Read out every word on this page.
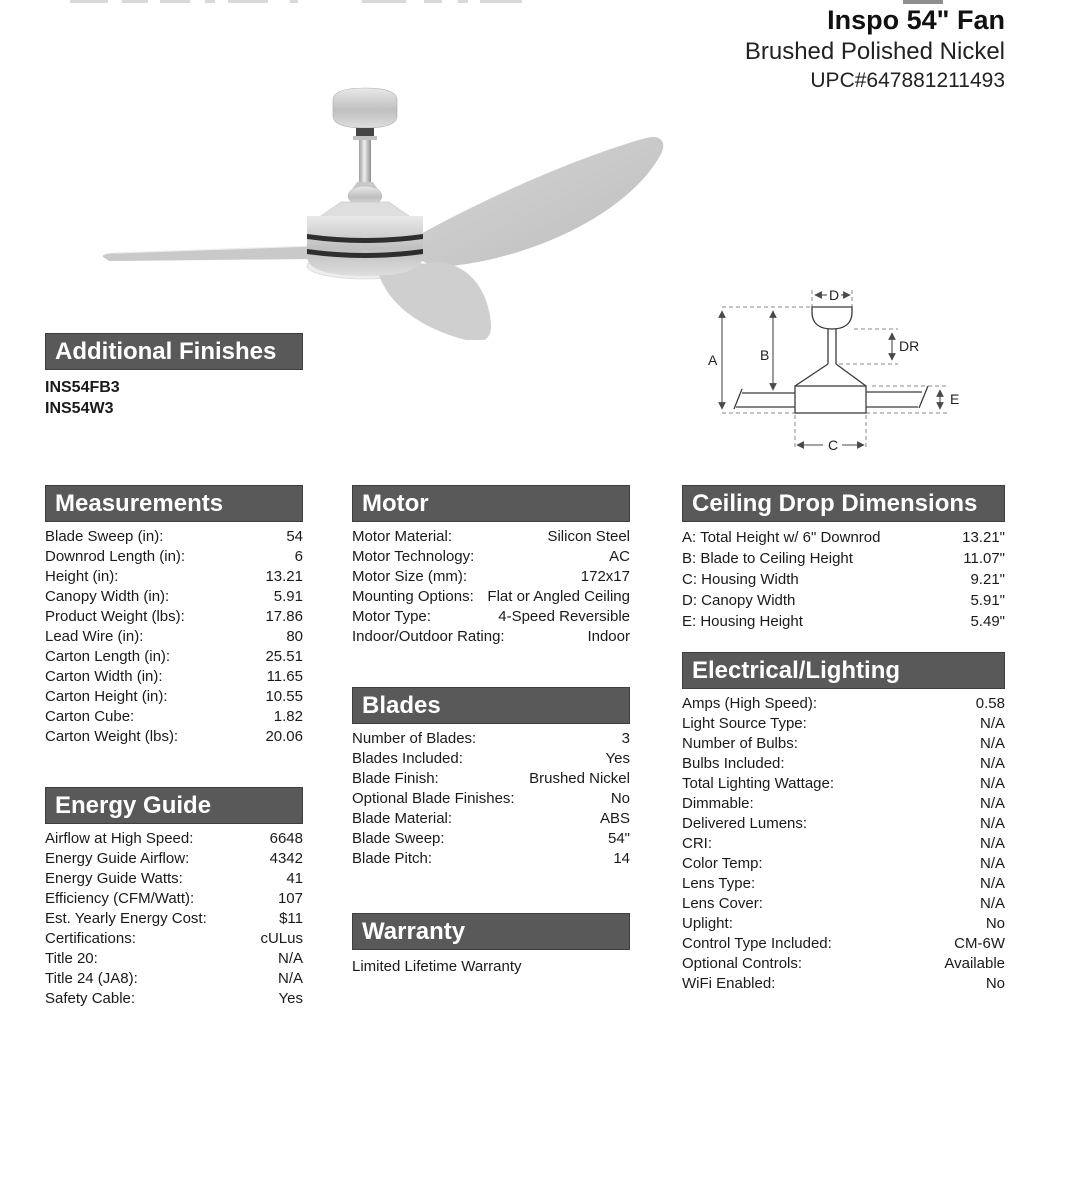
Inspo 54" Fan
Brushed Polished Nickel
UPC#647881211493
A	B
C
D
E
DR
Additional Finishes
INS54FB3
INS54W3
Measurements
Blade Sweep (in):	54
Downrod Length (in):	6
Height (in):	13.21
Canopy Width (in):	5.91
Product Weight (lbs):	17.86
Lead Wire (in):	80
Carton Length (in):	25.51
Carton Width (in):	11.65
Carton Height (in):	10.55
Carton Cube:	1.82
Carton Weight (lbs):	20.06
Energy Guide
Airflow at High Speed:	6648
Energy Guide Airflow:	4342
Energy Guide Watts:	41
Efficiency (CFM/Watt):	107
Est. Yearly Energy Cost:	$11
Certifications:	cULus
Title 20:	N/A
Title 24 (JA8):	N/A
Safety Cable:	Yes
Motor
Motor Material:	Silicon Steel
Motor Technology:	AC
Motor Size (mm):	172x17
Mounting Options: Flat or Angled Ceiling
Motor Type:	4-Speed Reversible
Indoor/Outdoor Rating:	Indoor
Blades
Number of Blades:	3
Blades Included:	Yes
Blade Finish:	Brushed Nickel
Optional Blade Finishes:	No
Blade Material:	ABS
Blade Sweep:	54"
Blade Pitch:	14
Warranty
Limited Lifetime Warranty
Ceiling Drop Dimensions
A: Total Height w/ 6" Downrod	13.21"
B: Blade to Ceiling Height	11.07"
C: Housing Width	9.21"
D: Canopy Width	5.91"
E: Housing Height	5.49"
Electrical/Lighting
Amps (High Speed):	0.58
Light Source Type:	N/A
Number of Bulbs:	N/A
Bulbs Included:	N/A
Total Lighting Wattage:	N/A
Dimmable:	N/A
Delivered Lumens:	N/A
CRI:	N/A
Color Temp:	N/A
Lens Type:	N/A
Lens Cover:	N/A
Uplight:	No
Control Type Included:	CM-6W
Optional Controls:	Available
WiFi Enabled:	No
